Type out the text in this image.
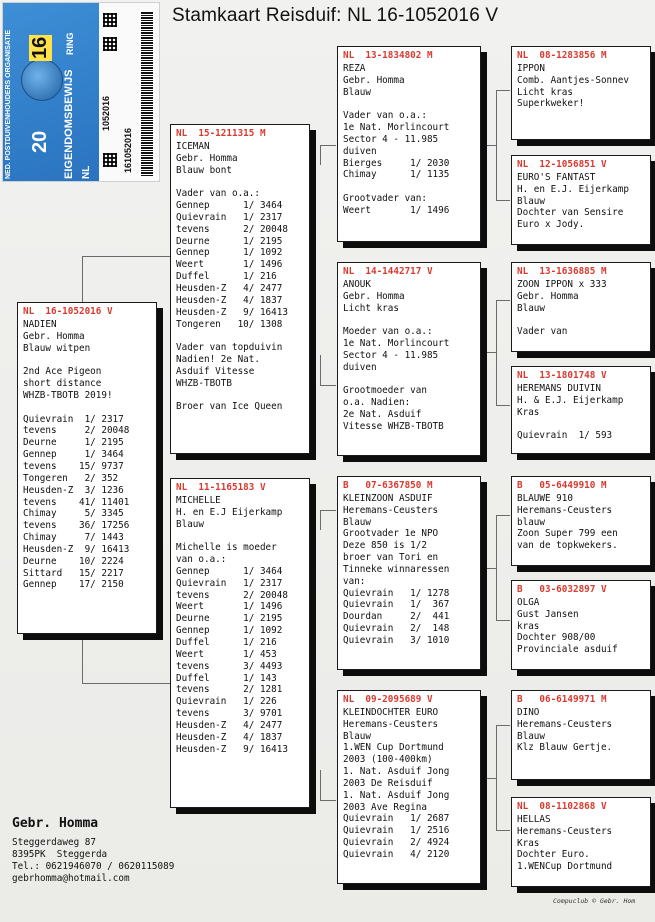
NED. POSTDUIVENHOUDERS ORGANISATIE	EIGENDOMSBEWIJS
RING
20
16
NL
1052016
161052016
Stamkaart Reisduif: NL 16-1052016 V
NL  16-1052016 V
NADIEN
Gebr. Homma
Blauw witpen
2nd Ace Pigeon
short distance
WHZB-TBOTB 2019!
Quievrain  1/ 2317
tevens     2/ 20048
Deurne     1/ 2195
Gennep     1/ 3464
tevens    15/ 9737
Tongeren   2/ 352
Heusden-Z  3/ 1236
tevens    41/ 11401
Chimay     5/ 3345
tevens    36/ 17256
Chimay     7/ 1443
Heusden-Z  9/ 16413
Deurne    10/ 2224
Sittard   15/ 2217
Gennep    17/ 2150
NL  15-1211315 M
ICEMAN
Gebr. Homma
Blauw bont
Vader van o.a.:
Gennep      1/ 3464
Quievrain   1/ 2317
tevens      2/ 20048
Deurne      1/ 2195
Gennep      1/ 1092
Weert       1/ 1496
Duffel      1/ 216
Heusden-Z   4/ 2477
Heusden-Z   4/ 1837
Heusden-Z   9/ 16413
Tongeren   10/ 1308
Vader van topduivin
Nadien! 2e Nat.
Asduif Vitesse
WHZB-TBOTB
Broer van Ice Queen
NL  11-1165183 V
MICHELLE
H. en E.J Eijerkamp
Blauw
Michelle is moeder
van o.a.:
Gennep      1/ 3464
Quievrain   1/ 2317
tevens      2/ 20048
Weert       1/ 1496
Deurne      1/ 2195
Gennep      1/ 1092
Duffel      1/ 216
Weert       1/ 453
tevens      3/ 4493
Duffel      1/ 143
tevens      2/ 1281
Quievrain   1/ 226
tevens      3/ 9701
Heusden-Z   4/ 2477
Heusden-Z   4/ 1837
Heusden-Z   9/ 16413
NL  13-1834802 M
REZA
Gebr. Homma
Blauw
Vader van o.a.:
1e Nat. Morlincourt
Sector 4 - 11.985
duiven
Bierges     1/ 2030
Chimay      1/ 1135
Grootvader van:
Weert       1/ 1496
NL  14-1442717 V
ANOUK
Gebr. Homma
Licht kras
Moeder van o.a.:
1e Nat. Morlincourt
Sector 4 - 11.985
duiven
Grootmoeder van
o.a. Nadien:
2e Nat. Asduif
Vitesse WHZB-TBOTB
B   07-6367850 M
KLEINZOON ASDUIF
Heremans-Ceusters
Blauw
Grootvader 1e NPO
Deze 850 is 1/2
broer van Tori en
Tinneke winnaressen
van:
Quievrain   1/ 1278
Quievrain   1/  367
Dourdan     2/  441
Quievrain   2/  148
Quievrain   3/ 1010
NL  09-2095689 V
KLEINDOCHTER EURO
Heremans-Ceusters
Blauw
1.WEN Cup Dortmund
2003 (100-400km)
1. Nat. Asduif Jong
2003 De Reisduif
1. Nat. Asduif Jong
2003 Ave Regina
Quievrain   1/ 2687
Quievrain   1/ 2516
Quievrain   2/ 4924
Quievrain   4/ 2120
NL  08-1283856 M
IPPON
Comb. Aantjes-Sonnev
Licht kras
Superkweker!
NL  12-1056851 V
EURO'S FANTAST
H. en E.J. Eijerkamp
Blauw
Dochter van Sensire
Euro x Jody.
NL  13-1636885 M
ZOON IPPON x 333
Gebr. Homma
Blauw
Vader van
NL  13-1801748 V
HEREMANS DUIVIN
H. & E.J. Eijerkamp
Kras
Quievrain  1/ 593
B   05-6449910 M
BLAUWE 910
Heremans-Ceusters
blauw
Zoon Super 799 een
van de topkwekers.
B   03-6032897 V
OLGA
Gust Jansen
kras
Dochter 908/00
Provinciale asduif
B   06-6149971 M
DINO
Heremans-Ceusters
Blauw
Klz Blauw Gertje.
NL  08-1102868 V
HELLAS
Heremans-Ceusters
Kras
Dochter Euro.
1.WENCup Dortmund
Gebr. Homma
Steggerdaweg 87
8395PK  Steggerda
Tel.: 0621946070 / 0620115089
gebrhomma@hotmail.com
Compuclub © Gebr. Hom
